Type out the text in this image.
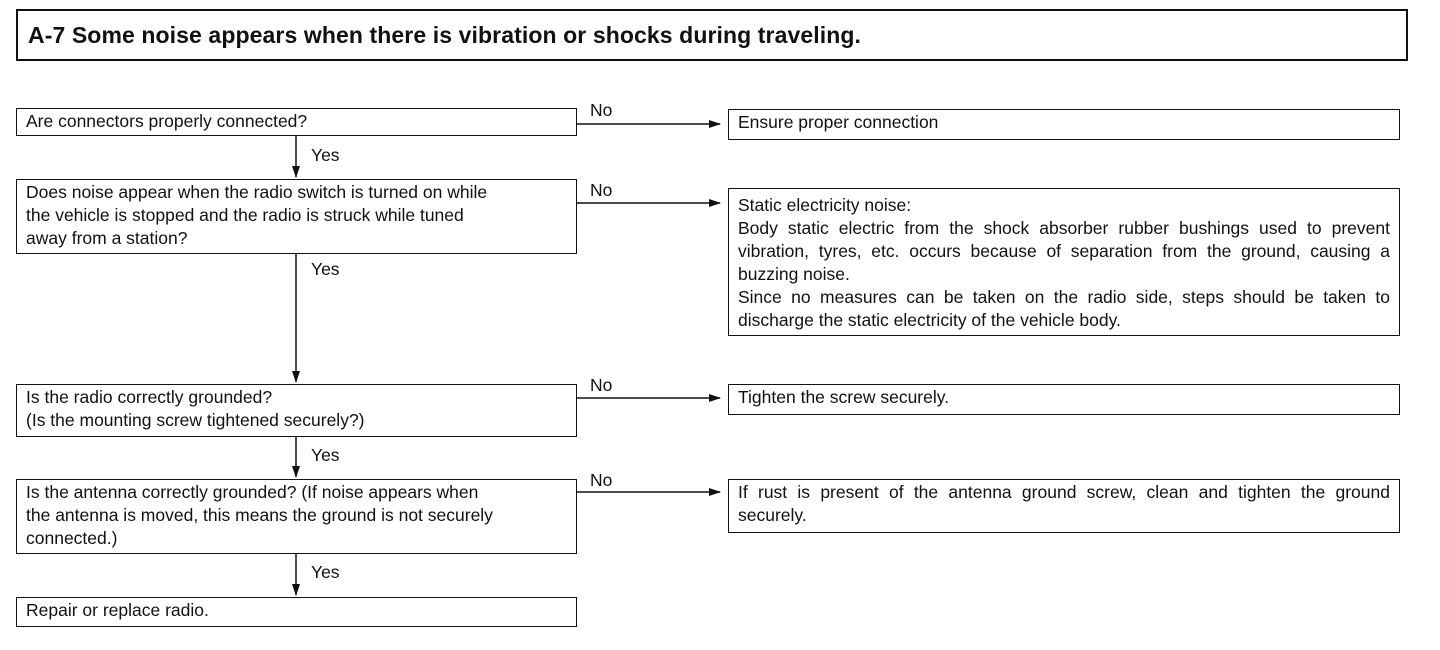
A-7 Some noise appears when there is vibration or shocks during traveling.
Are connectors properly connected?
Does noise appear when the radio switch is turned on while
the vehicle is stopped and the radio is struck while tuned
away from a station?
Is the radio correctly grounded?
(Is the mounting screw tightened securely?)
Is the antenna correctly grounded? (If noise appears when
the antenna is moved, this means the ground is not securely
connected.)
Repair or replace radio.
Ensure proper connection
Static electricity noise:
Body static electric from the shock absorber rubber bushings used to prevent vibration, tyres, etc. occurs because of separation from the ground, causing a buzzing noise.
Since no measures can be taken on the radio side, steps should be taken to discharge the static electricity of the vehicle body.
Tighten the screw securely.
If rust is present of the antenna ground screw, clean and tighten the ground securely.
No
No
No
No
Yes
Yes
Yes
Yes
